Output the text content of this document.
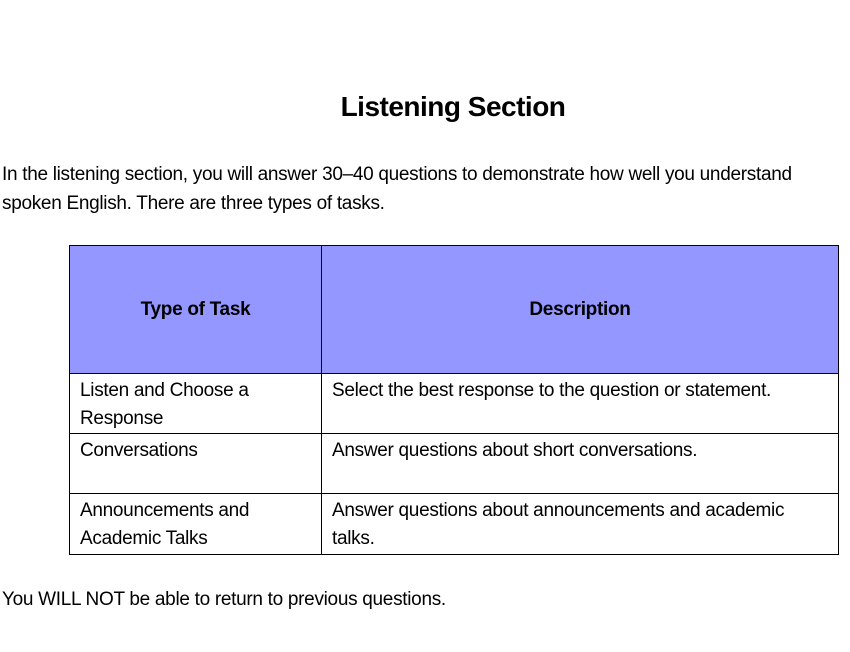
Listening Section

In the listening section, you will answer 30–40 questions to demonstrate how well you understand spoken English. There are three types of tasks.

Type of Task	Description
Listen and Choose a Response	Select the best response to the question or statement.
Conversations	Answer questions about short conversations.
Announcements and Academic Talks	Answer questions about announcements and academic talks.

You WILL NOT be able to return to previous questions.
